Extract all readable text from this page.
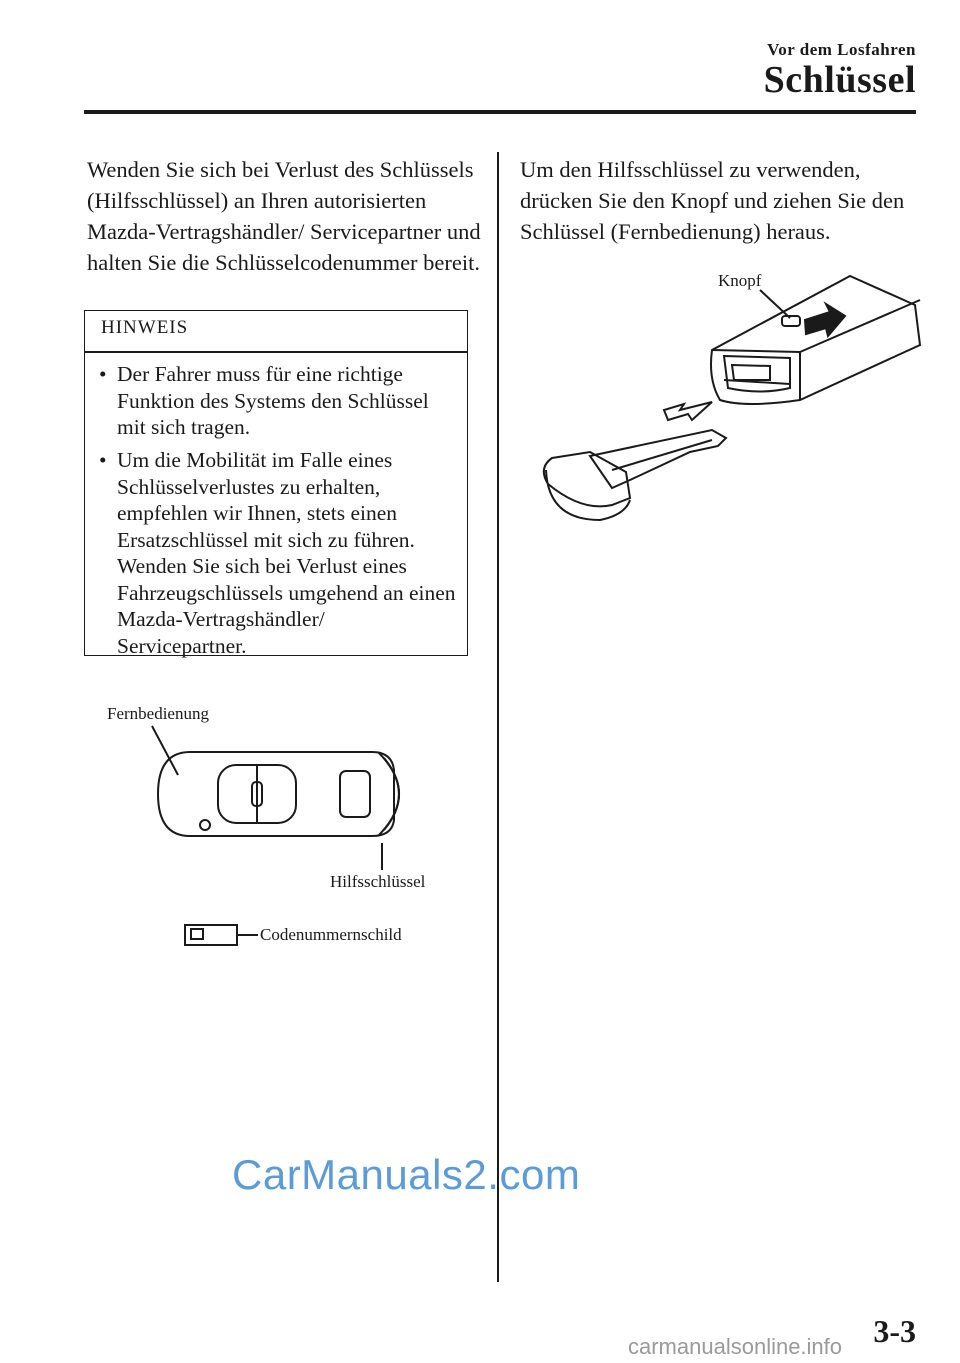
Vor dem Losfahren
Schlüssel
Wenden Sie sich bei Verlust des Schlüssels (Hilfsschlüssel) an Ihren autorisierten Mazda-Vertragshändler/ Servicepartner und halten Sie die Schlüsselcodenummer bereit.
HINWEIS
• Der Fahrer muss für eine richtige Funktion des Systems den Schlüssel mit sich tragen.
• Um die Mobilität im Falle eines Schlüsselverlustes zu erhalten, empfehlen wir Ihnen, stets einen Ersatzschlüssel mit sich zu führen. Wenden Sie sich bei Verlust eines Fahrzeugschlüssels umgehend an einen Mazda-Vertragshändler/ Servicepartner.
Fernbedienung
Hilfsschlüssel
Codenummernschild
Um den Hilfsschlüssel zu verwenden, drücken Sie den Knopf und ziehen Sie den Schlüssel (Fernbedienung) heraus.
Knopf
3-3
CarManuals2.com
carmanualsonline.info
